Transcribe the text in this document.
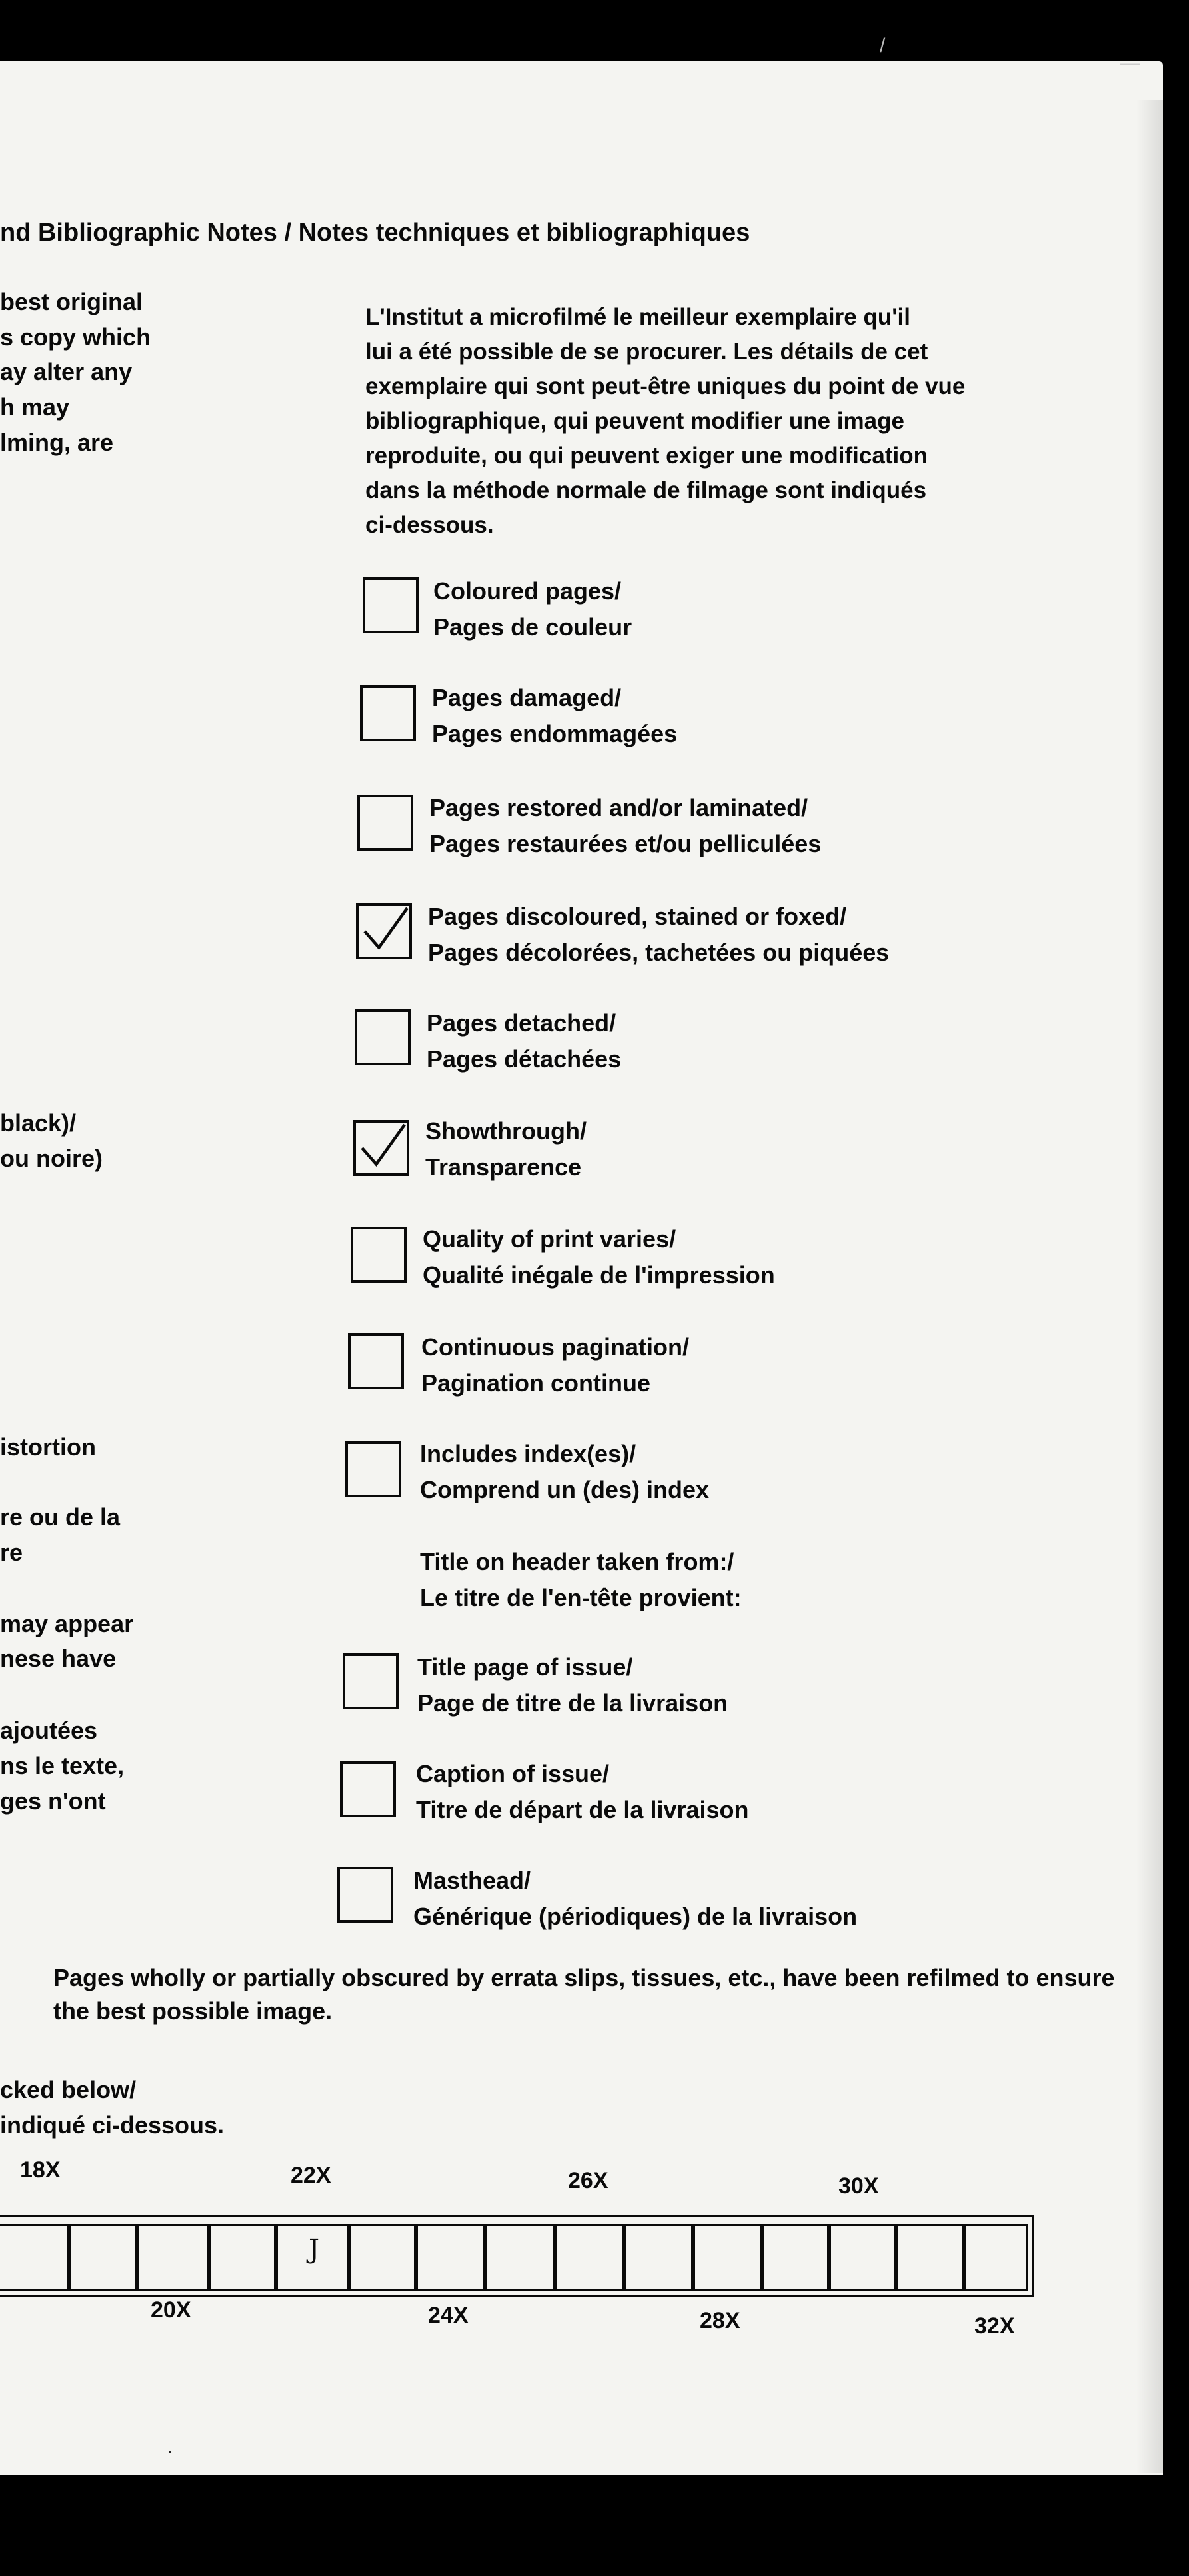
/
—
·
nd Bibliographic Notes / Notes techniques et bibliographiques
best original
s copy which
ay alter any
h may
lming, are
black)/
ou noire)
istortion
re ou de la
re
may appear
nese have
ajoutées
ns le texte,
ges n'ont
cked below/
indiqué ci-dessous.
L'Institut a microfilmé le meilleur exemplaire qu'il
lui a été possible de se procurer. Les détails de cet
exemplaire qui sont peut-être uniques du point de vue
bibliographique, qui peuvent modifier une image
reproduite, ou qui peuvent exiger une modification
dans la méthode normale de filmage sont indiqués
ci-dessous.
Coloured pages/
Pages de couleur
Pages damaged/
Pages endommagées
Pages restored and/or laminated/
Pages restaurées et/ou pelliculées
Pages discoloured, stained or foxed/
Pages décolorées, tachetées ou piquées
Pages detached/
Pages détachées
Showthrough/
Transparence
Quality of print varies/
Qualité inégale de l'impression
Continuous pagination/
Pagination continue
Includes index(es)/
Comprend un (des) index
Title on header taken from:/
Le titre de l'en-tête provient:
Title page of issue/
Page de titre de la livraison
Caption of issue/
Titre de départ de la livraison
Masthead/
Générique (périodiques) de la livraison
Pages wholly or partially obscured by errata slips, tissues, etc., have been refilmed to ensure
the best possible image.
18X	22X	26X	30X
J
20X	24X	28X	32X
